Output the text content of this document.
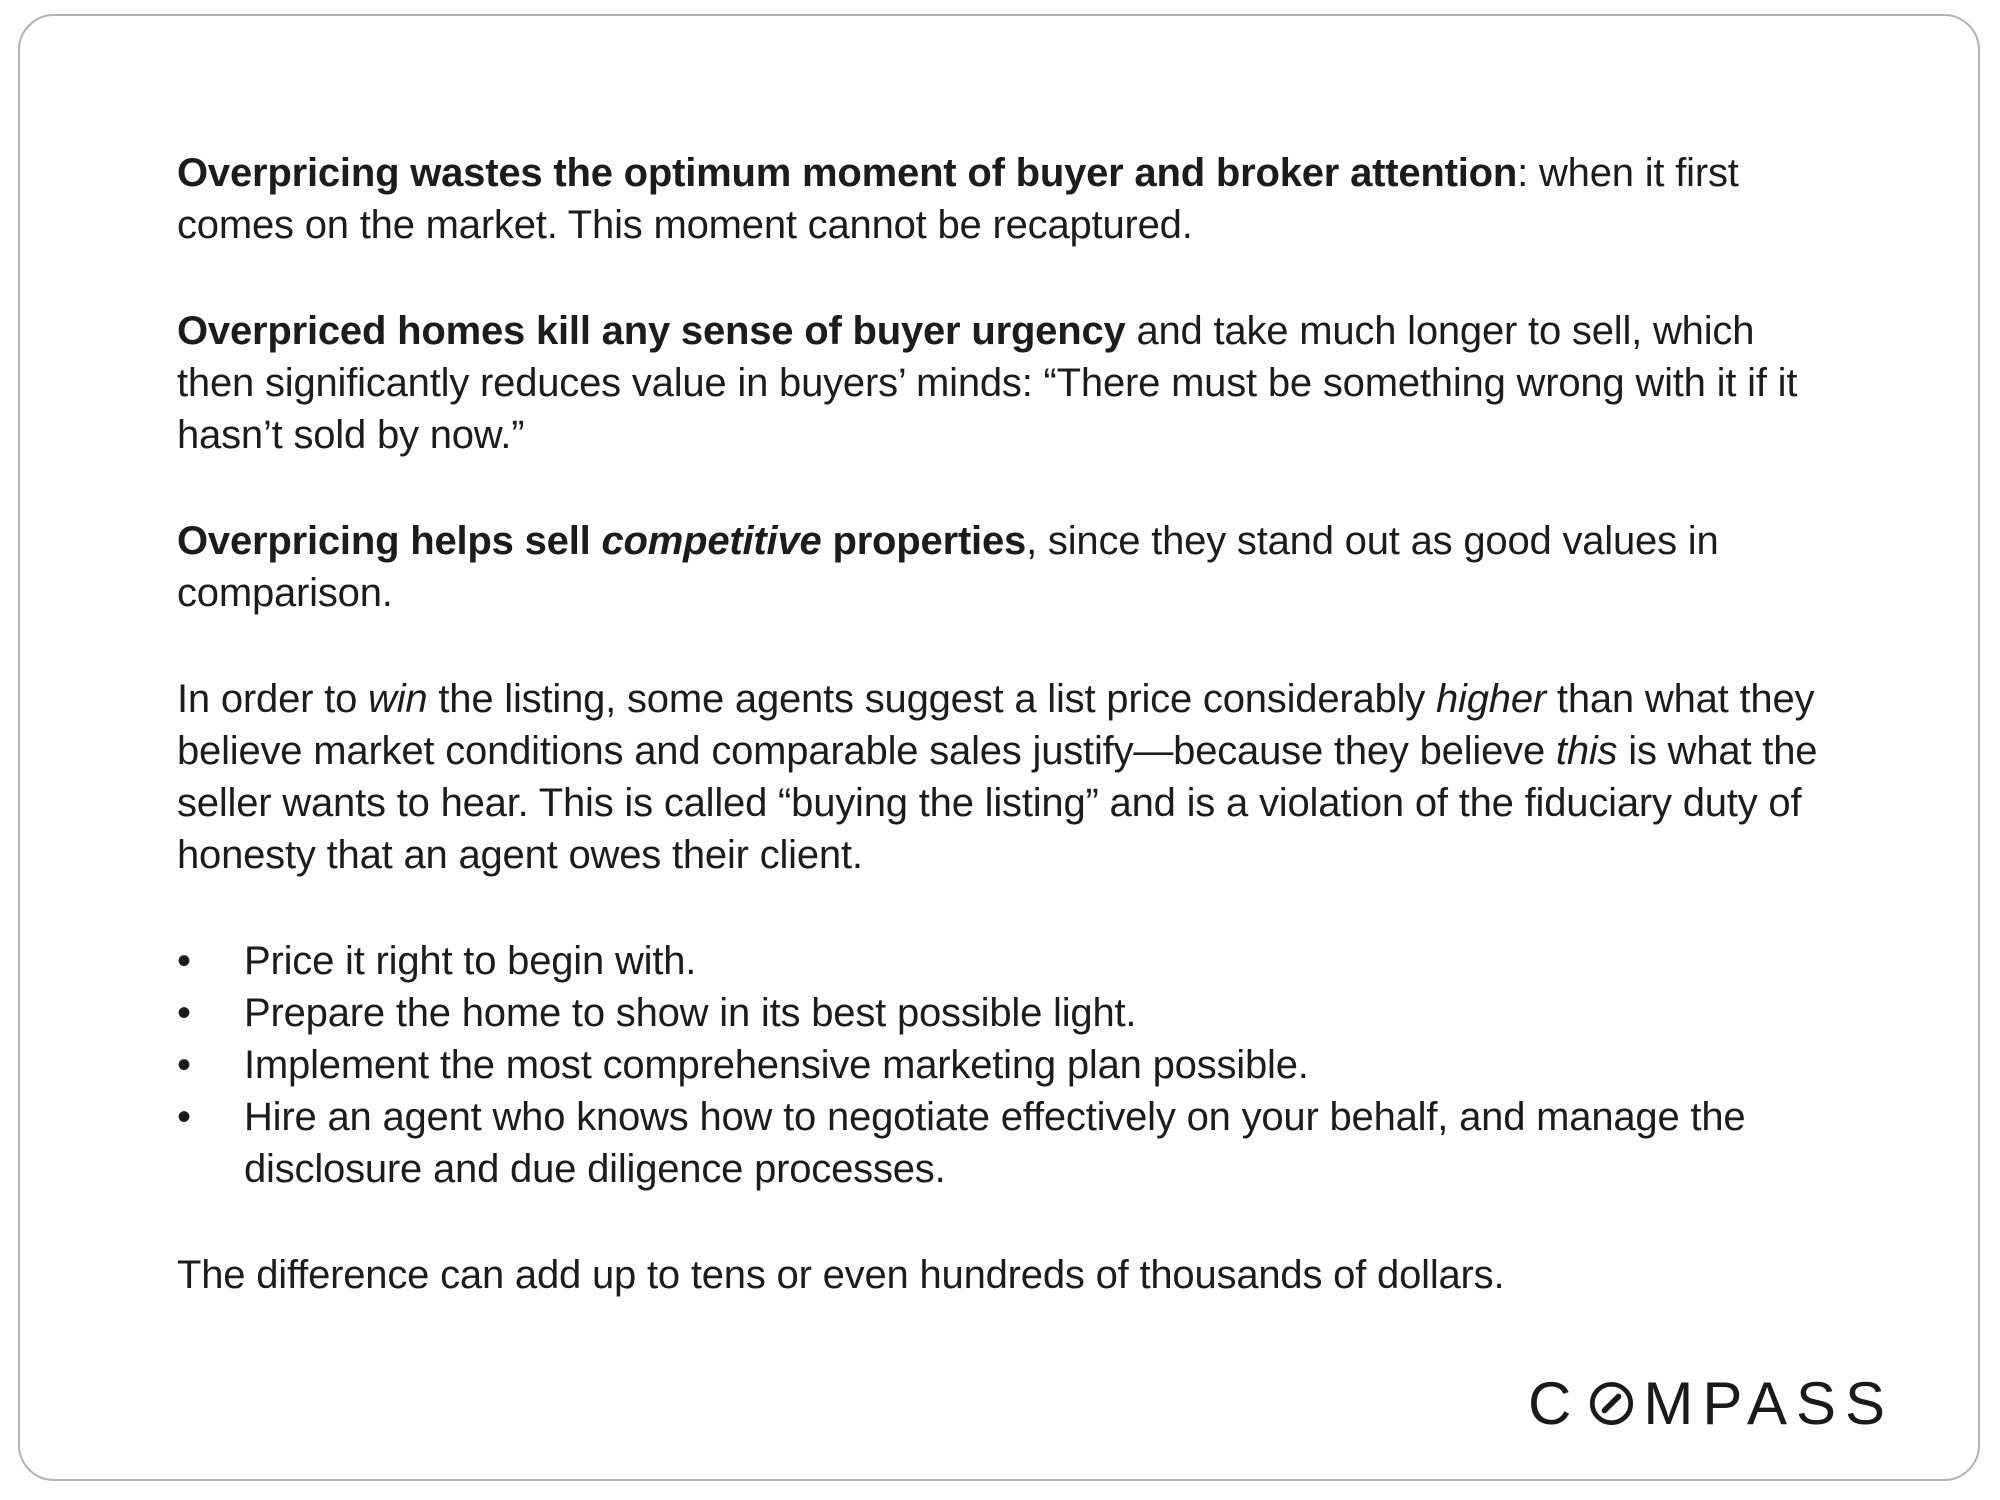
Overpricing wastes the optimum moment of buyer and broker attention: when it first comes on the market. This moment cannot be recaptured.

Overpriced homes kill any sense of buyer urgency and take much longer to sell, which then significantly reduces value in buyers’ minds: “There must be something wrong with it if it hasn’t sold by now.”

Overpricing helps sell competitive properties, since they stand out as good values in comparison.

In order to win the listing, some agents suggest a list price considerably higher than what they believe market conditions and comparable sales justify—because they believe this is what the seller wants to hear. This is called “buying the listing” and is a violation of the fiduciary duty of honesty that an agent owes their client.

•	Price it right to begin with.
•	Prepare the home to show in its best possible light.
•	Implement the most comprehensive marketing plan possible.
•	Hire an agent who knows how to negotiate effectively on your behalf, and manage the disclosure and due diligence processes.

The difference can add up to tens or even hundreds of thousands of dollars.

C MPASS
